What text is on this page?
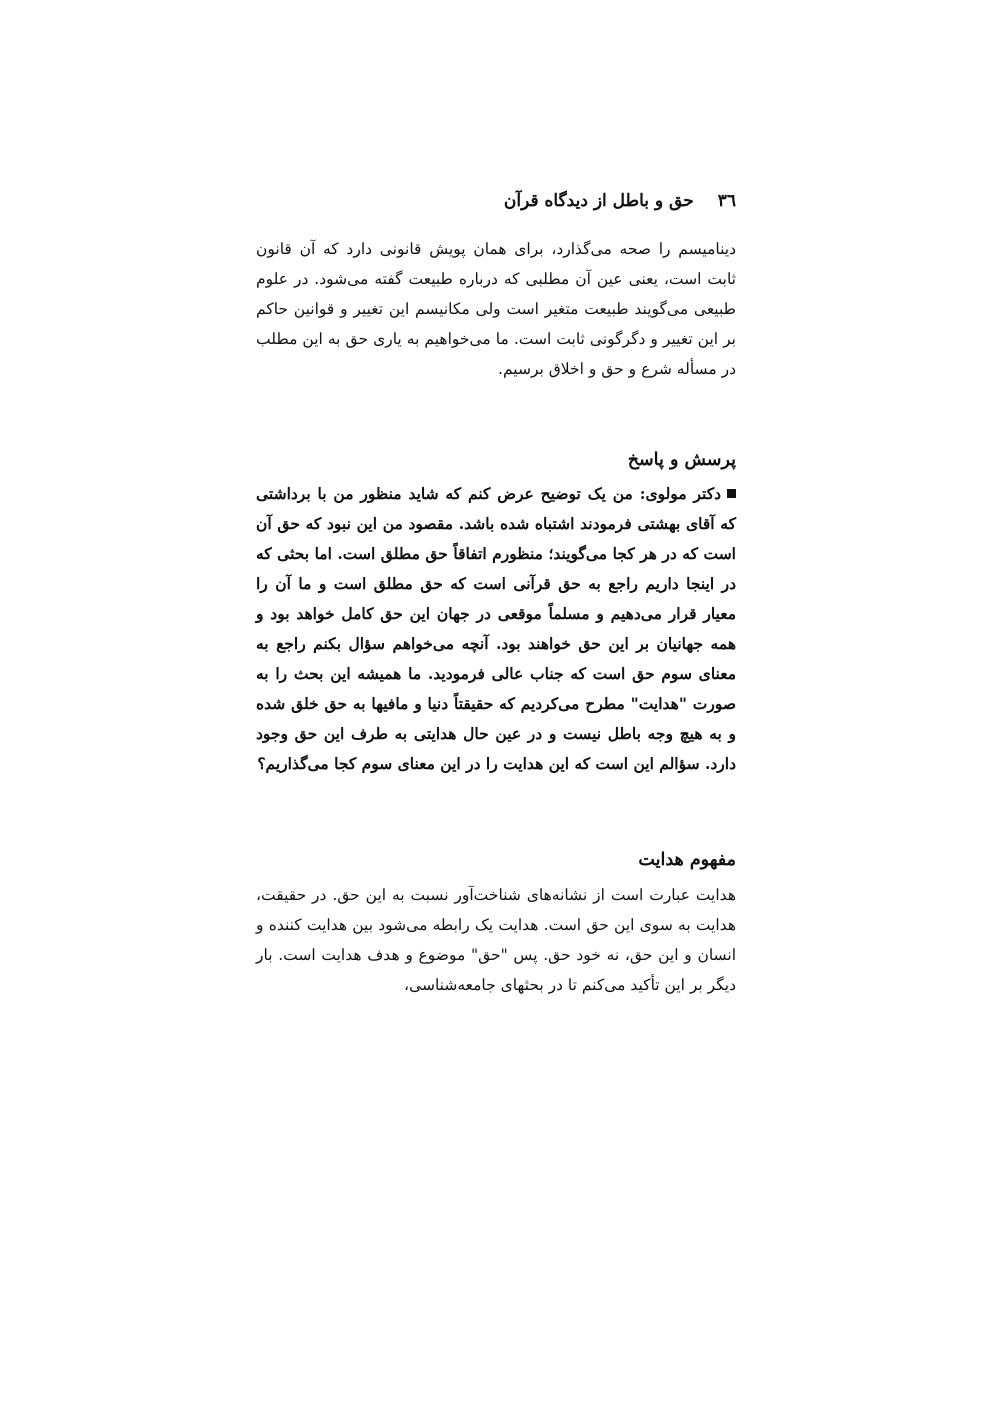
٣٦
حق و باطل از دیدگاه قرآن

دینامیسم را صحه می‌گذارد، برای همان پویش قانونی دارد که آن قانون ثابت است، یعنی عین آن مطلبی که درباره طبیعت گفته می‌شود. در علوم طبیعی می‌گویند طبیعت متغیر است ولی مکانیسم این تغییر و قوانین حاکم بر این تغییر و دگرگونی ثابت است. ما می‌خواهیم به یاری حق به این مطلب در مسأله شرع و حق و اخلاق برسیم.

پرسش و پاسخ

دکتر مولوی: من یک توضیح عرض کنم که شاید منظور من با برداشتی که آقای بهشتی فرمودند اشتباه شده باشد. مقصود من این نبود که حق آن است که در هر کجا می‌گویند؛ منظورم اتفاقاً حق مطلق است. اما بحثی که در اینجا داریم راجع به حق قرآنی است که حق مطلق است و ما آن را معیار قرار می‌دهیم و مسلماً موقعی در جهان این حق کامل خواهد بود و همه جهانیان بر این حق خواهند بود. آنچه می‌خواهم سؤال بکنم راجع به معنای سوم حق است که جناب عالی فرمودید. ما همیشه این بحث را به صورت "هدایت" مطرح می‌کردیم که حقیقتاً دنیا و مافیها به حق خلق شده و به هیچ وجه باطل نیست و در عین حال هدایتی به طرف این حق وجود دارد. سؤالم این است که این هدایت را در این معنای سوم کجا می‌گذاریم؟

مفهوم هدایت

هدایت عبارت است از نشانه‌های شناخت‌آور نسبت به این حق. در حقیقت، هدایت به سوی این حق است. هدایت یک رابطه می‌شود بین هدایت کننده و انسان و این حق، نه خود حق. پس "حق" موضوع و هدف هدایت است. بار دیگر بر این تأکید می‌کنم تا در بحثهای جامعه‌شناسی،
